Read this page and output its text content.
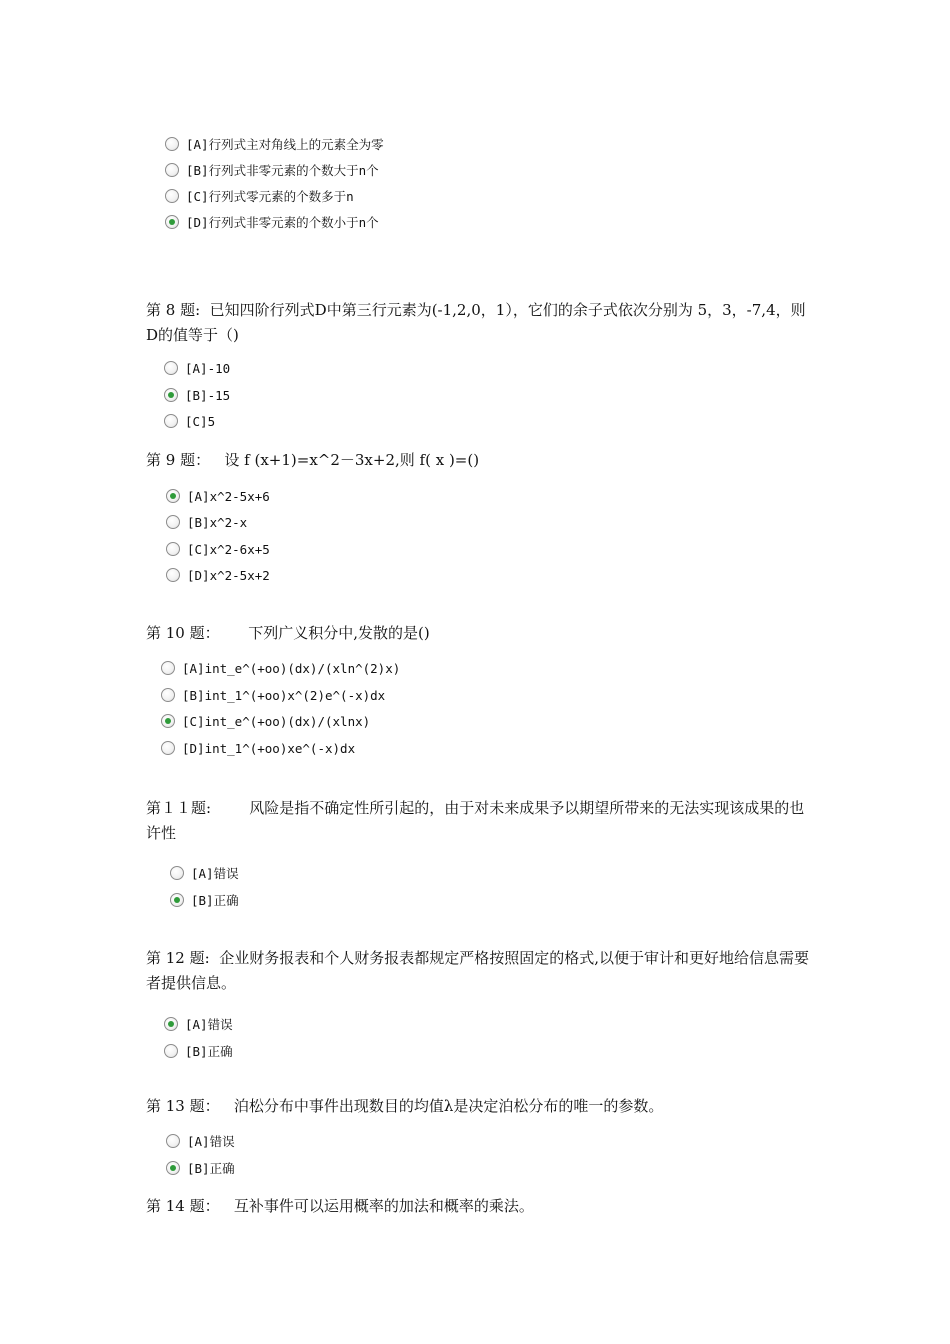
[A]行列式主对角线上的元素全为零
[B]行列式非零元素的个数大于n个
[C]行列式零元素的个数多于n
[D]行列式非零元素的个数小于n个
第 8 题:  已知四阶行列式D中第三行元素为(-1,2,0，1），它们的余子式依次分别为 5，3，-7,4，则D的值等于（)
[A]-10
[B]-15
[C]5
第 9 题：   设 f (x+1)=x^2－3x+2,则 f( x )=()
[A]x^2-5x+6
[B]x^2-x
[C]x^2-6x+5
[D]x^2-5x+2
第 10 题：      下列广义积分中,发散的是()
[A]int_e^(+oo)(dx)/(xln^(2)x)
[B]int_1^(+oo)x^(2)e^(-x)dx
[C]int_e^(+oo)(dx)/(xlnx)
[D]int_1^(+oo)xe^(-x)dx
第１１题:        风险是指不确定性所引起的，由于对未来成果予以期望所带来的无法实现该成果的也许性
[A]错误
[B]正确
第 12 题:  企业财务报表和个人财务报表都规定严格按照固定的格式,以便于审计和更好地给信息需要者提供信息。
[A]错误
[B]正确
第 13 题：   泊松分布中事件出现数目的均值λ是决定泊松分布的唯一的参数。
[A]错误
[B]正确
第 14 题：   互补事件可以运用概率的加法和概率的乘法。
